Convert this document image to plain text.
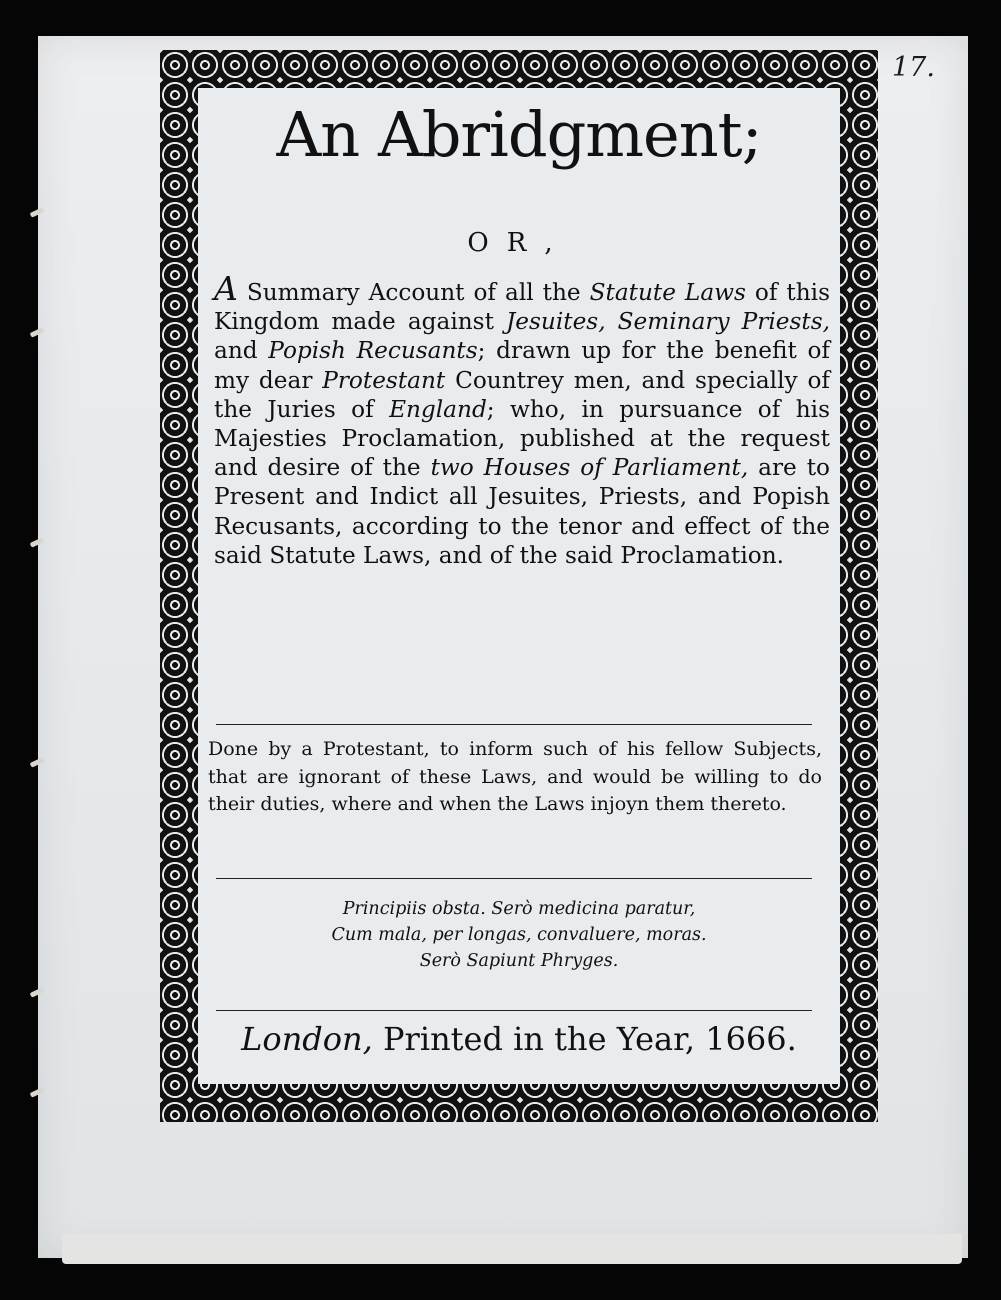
17.
An Abridgment;
OR,

A Summary Account of all the Statute Laws of this Kingdom made against Jesuites, Seminary Priests, and Popish Recusants; drawn up for the benefit of my dear Protestant Countrey men, and specially of the Juries of England; who, in pursuance of his Majesties Proclamation, published at the request and desire of the two Houses of Parliament, are to Present and Indict all Jesuites, Priests, and Popish Recusants, according to the tenor and effect of the said Statute Laws, and of the said Proclamation.

Done by a Protestant, to inform such of his fellow Subjects, that are ignorant of these Laws, and would be willing to do their duties, where and when the Laws injoyn them thereto.

Principiis obsta. Serò medicina paratur,
Cum mala, per longas, convaluere, moras.
Serò Sapiunt Phryges.
London, Printed in the Year, 1666.
